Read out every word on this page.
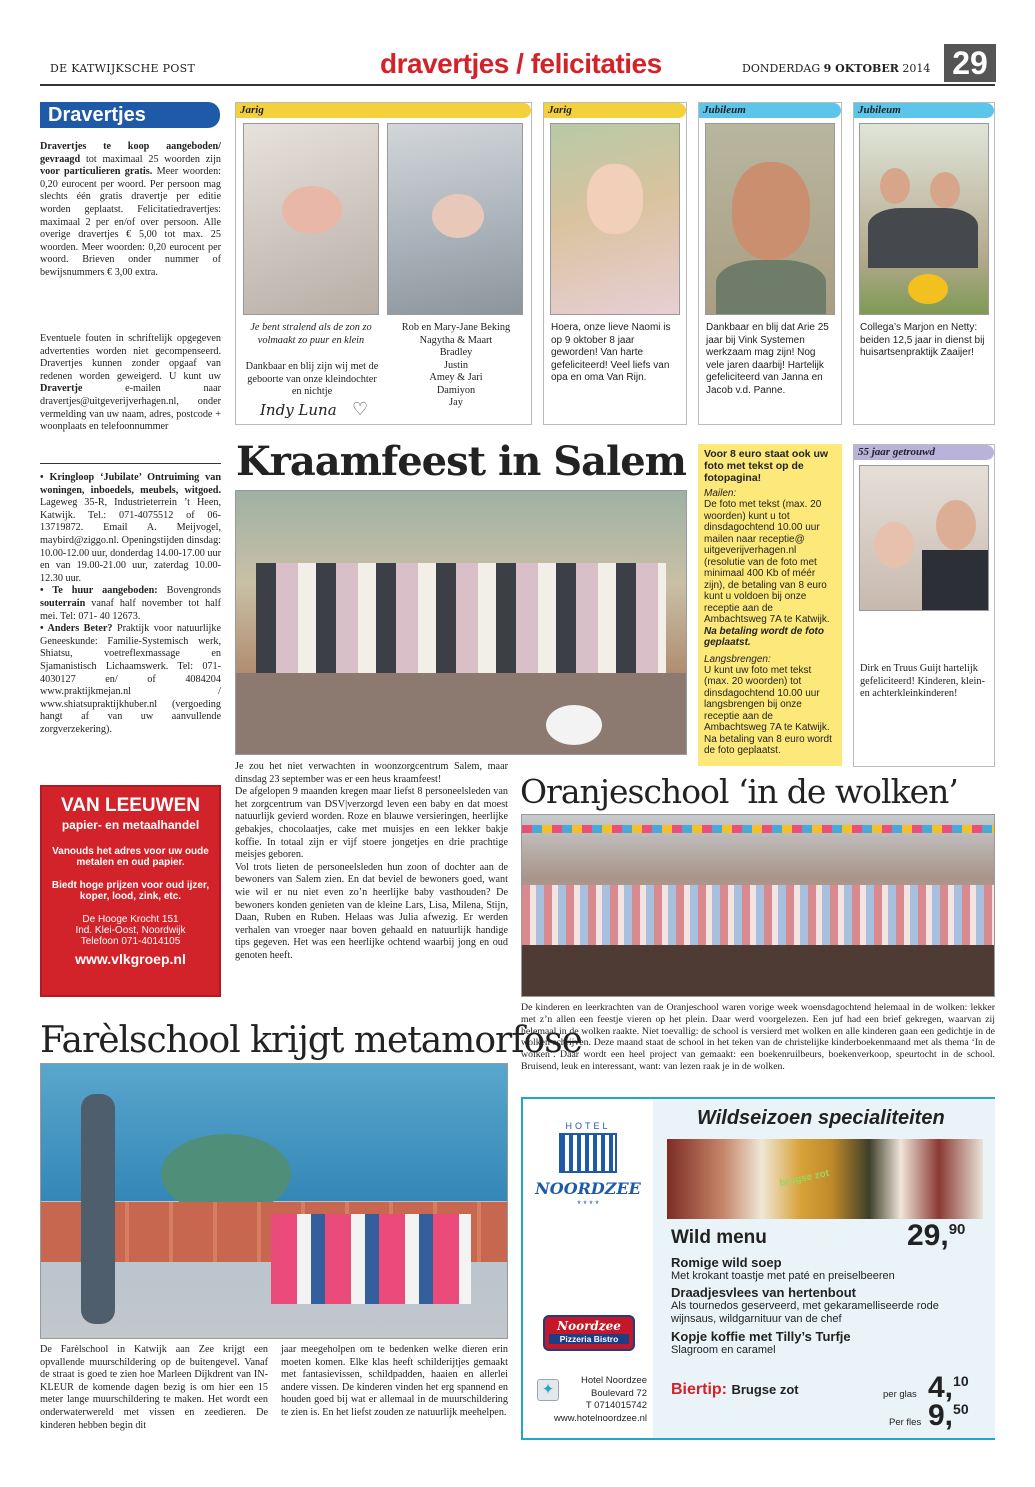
DE KATWIJKSCHE POST	dravertjes / felicitaties	DONDERDAG 9 OKTOBER 2014 29
Dravertjes
Dravertjes te koop aangeboden/ gevraagd tot maximaal 25 woorden zijn voor particulieren gratis. Meer woorden: 0,20 eurocent per woord. Per persoon mag slechts één gratis dravertje per editie worden geplaatst. Felicitatiedravertjes: maximaal 2 per en/of over persoon. Alle overige dravertjes € 5,00 tot max. 25 woorden. Meer woorden: 0,20 eurocent per woord. Brieven onder nummer of bewijsnummers € 3,00 extra.
Eventuele fouten in schriftelijk opgegeven advertenties worden niet gecompenseerd. Dravertjes kunnen zonder opgaaf van redenen worden geweigerd. U kunt uw Dravertje e-mailen naar dravertjes@uitgeverijverhagen.nl, onder vermelding van uw naam, adres, postcode + woonplaats en telefoonnummer
• Kringloop ‘Jubilate’ Ontruiming van woningen, inboedels, meubels, witgoed. Lageweg 35-R, Industrieterrein ’t Heen, Katwijk. Tel.: 071-4075512 of 06-13719872. Email A. Meijvogel, maybird@ziggo.nl. Openingstijden dinsdag: 10.00-12.00 uur, donderdag 14.00-17.00 uur en van 19.00-21.00 uur, zaterdag 10.00-12.30 uur.
• Te huur aangeboden: Bovengronds souterrain vanaf half november tot half mei. Tel: 071- 40 12673.
• Anders Beter? Praktijk voor natuurlijke Geneeskunde: Familie-Systemisch werk, Shiatsu, voetreflexmassage en Sjamanistisch Lichaamswerk. Tel: 071-4030127 en/ of 4084204 www.praktijkmejan.nl / www.shiatsupraktijkhuber.nl (vergoeding hangt af van uw aanvullende zorgverzekering).
VAN LEEUWEN
papier- en metaalhandel
Vanouds het adres voor uw oude metalen en oud papier.
Biedt hoge prijzen voor oud ijzer, koper, lood, zink, etc.
De Hooge Krocht 151
Ind. Klei-Oost, Noordwijk
Telefoon 071-4014105
www.vlkgroep.nl
Jarig
Je bent stralend als de zon zo volmaakt zo puur en klein
Dankbaar en blij zijn wij met de geboorte van onze kleindochter en nichtje
Indy Luna ♡
Rob en Mary-Jane Beking
Nagytha & Maart
Bradley
Justin
Amey & Jari
Damiyon
Jay
Jarig
Hoera, onze lieve Naomi is op 9 oktober 8 jaar geworden! Van harte gefeliciteerd! Veel liefs van opa en oma Van Rijn.
Jubileum
Dankbaar en blij dat Arie 25 jaar bij Vink Systemen werkzaam mag zijn! Nog vele jaren daarbij! Hartelijk gefeliciteerd van Janna en Jacob v.d. Panne.
Jubileum
Collega’s Marjon en Netty: beiden 12,5 jaar in dienst bij huisartsenpraktijk Zaaijer!
Voor 8 euro staat ook uw foto met tekst op de fotopagina!
Mailen:
De foto met tekst (max. 20 woorden) kunt u tot dinsdagochtend 10.00 uur mailen naar receptie@ uitgeverijverhagen.nl (resolutie van de foto met minimaal 400 Kb of méér zijn), de betaling van 8 euro kunt u voldoen bij onze receptie aan de Ambachtsweg 7A te Katwijk.
Na betaling wordt de foto geplaatst.
Langsbrengen:
U kunt uw foto met tekst (max. 20 woorden) tot dinsdagochtend 10.00 uur langsbrengen bij onze receptie aan de Ambachtsweg 7A te Katwijk. Na betaling van 8 euro wordt de foto geplaatst.
55 jaar getrouwd
Dirk en Truus Guijt hartelijk gefeliciteerd! Kinderen, klein- en achterkleinkinderen!
Kraamfeest in Salem
Je zou het niet verwachten in woonzorgcentrum Salem, maar dinsdag 23 september was er een heus kraamfeest!
De afgelopen 9 maanden kregen maar liefst 8 personeelsleden van het zorgcentrum van DSV|verzorgd leven een baby en dat moest natuurlijk gevierd worden. Roze en blauwe versieringen, heerlijke gebakjes, chocolaatjes, cake met muisjes en een lekker bakje koffie. In totaal zijn er vijf stoere jongetjes en drie prachtige meisjes geboren.
Vol trots lieten de personeelsleden hun zoon of dochter aan de bewoners van Salem zien. En dat beviel de bewoners goed, want wie wil er nu niet even zo’n heerlijke baby vasthouden? De bewoners konden genieten van de kleine Lars, Lisa, Milena, Stijn, Daan, Ruben en Ruben. Helaas was Julia afwezig. Er werden verhalen van vroeger naar boven gehaald en natuurlijk handige tips gegeven. Het was een heerlijke ochtend waarbij jong en oud genoten heeft.
Oranjeschool ‘in de wolken’
De kinderen en leerkrachten van de Oranjeschool waren vorige week woensdagochtend helemaal in de wolken: lekker met z’n allen een feestje vieren op het plein. Daar werd voorgelezen. Een juf had een brief gekregen, waarvan zij helemaal in de wolken raakte. Niet toevallig: de school is versierd met wolken en alle kinderen gaan een gedichtje in de wolken schrijven. Deze maand staat de school in het teken van de christelijke kinderboekenmaand met als thema ‘In de wolken’. Daar wordt een heel project van gemaakt: een boekenruilbeurs, boekenverkoop, speurtocht in de school. Bruisend, leuk en interessant, want: van lezen raak je in de wolken.
Farèlschool krijgt metamorfose
De Farèlschool in Katwijk aan Zee krijgt een opvallende muurschildering op de buitengevel. Vanaf de straat is goed te zien hoe Marleen Dijkdrent van IN-KLEUR de komende dagen bezig is om hier een 15 meter lange muurschildering te maken. Het wordt een onderwaterwereld met vissen en zeedieren. De kinderen hebben begin dit
jaar meegeholpen om te bedenken welke dieren erin moeten komen. Elke klas heeft schilderijtjes gemaakt met fantasievissen, schildpadden, haaien en allerlei andere vissen. De kinderen vinden het erg spannend en houden goed bij wat er allemaal in de muurschildering te zien is. En het liefst zouden ze natuurlijk meehelpen.
HOTEL
NOORDZEE
* * * *
Noordzee
Pizzeria Bistro
✦
Hotel Noordzee
Boulevard 72
T 0714015742
www.hotelnoordzee.nl
Wildseizoen specialiteiten
brugse zot
Wild menu	29,90
Romige wild soep
Met krokant toastje met paté en preiselbeeren
Draadjesvlees van hertenbout
Als tournedos geserveerd, met gekaramelliseerde rode wijnsaus, wildgarnituur van de chef
Kopje koffie met Tilly’s Turfje
Slagroom en caramel
Biertip: Brugse zot	per glas 4,10
Per fles 9,50
